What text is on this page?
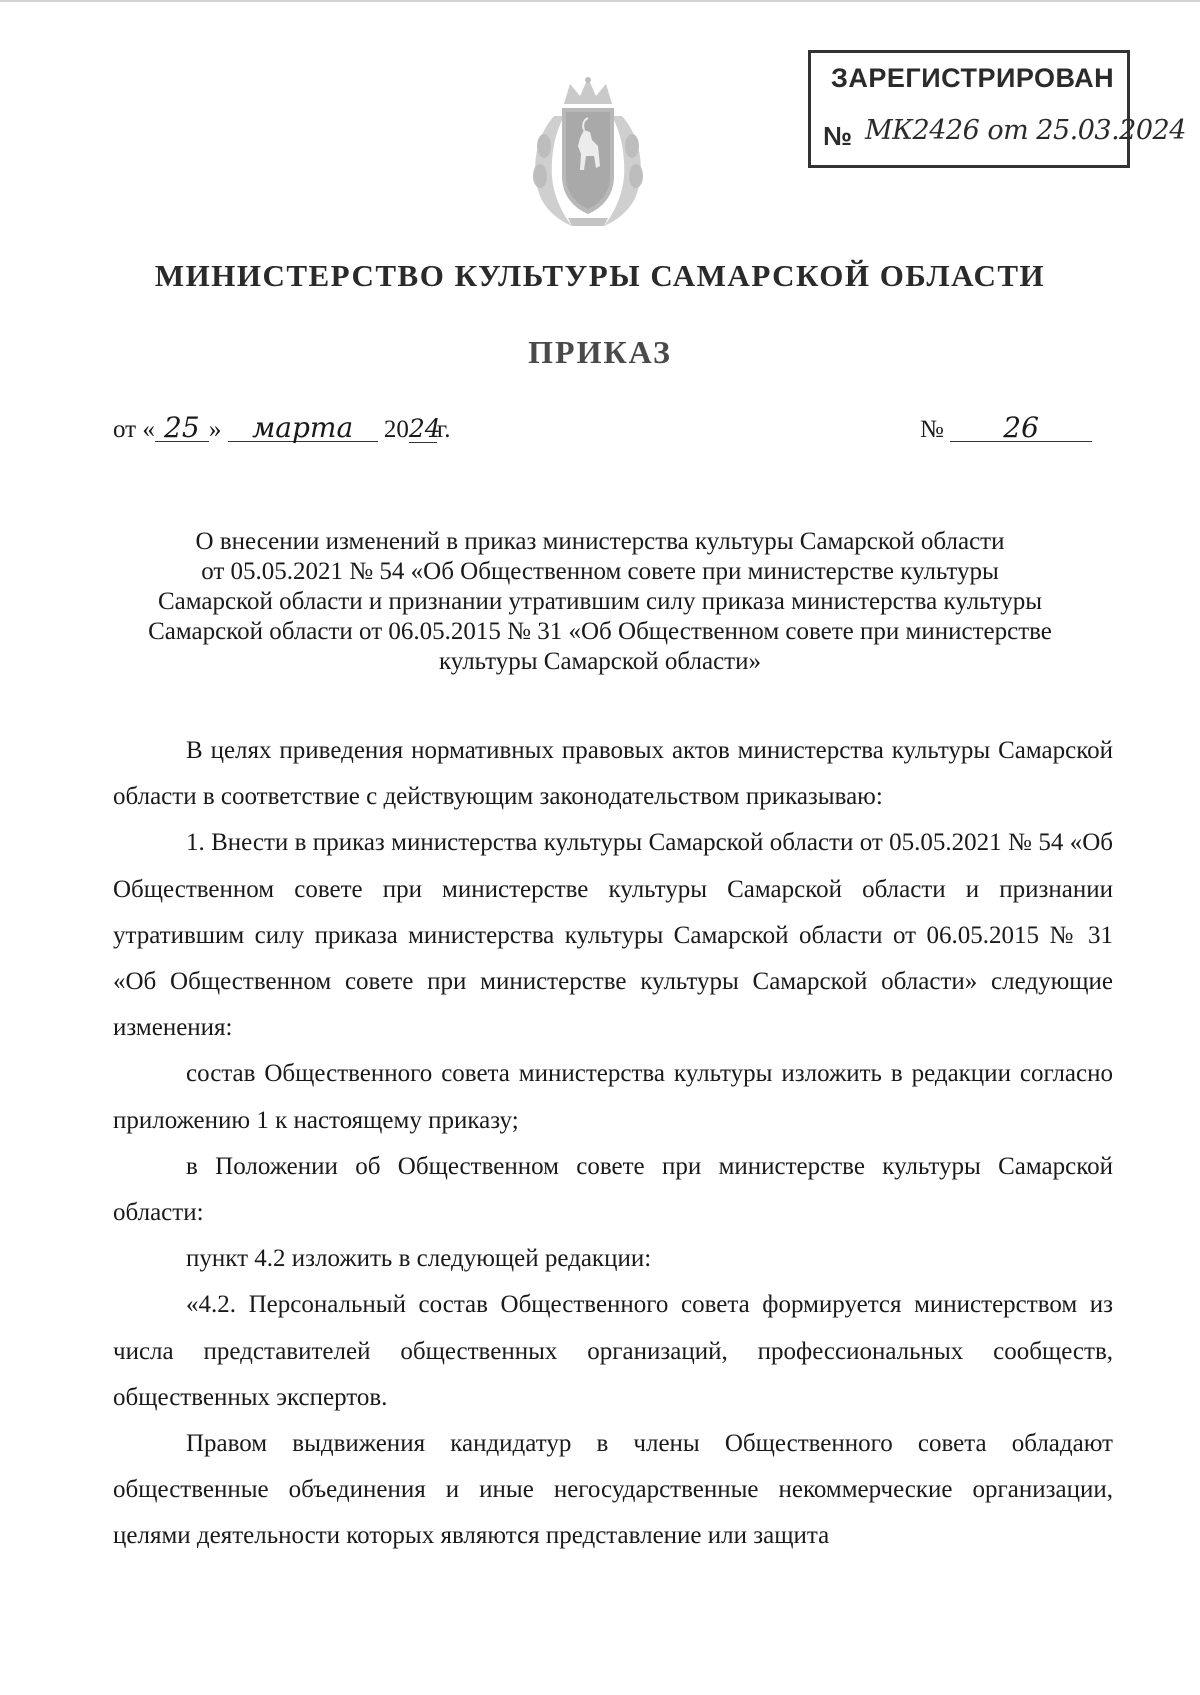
ЗАРЕГИСТРИРОВАН
№ МК2426 от 25.03.2024
МИНИСТЕРСТВО КУЛЬТУРЫ САМАРСКОЙ ОБЛАСТИ
ПРИКАЗ
от « 25 » марта 2024г.	№ 26
О внесении изменений в приказ министерства культуры Самарской области
от 05.05.2021 № 54 «Об Общественном совете при министерстве культуры
Самарской области и признании утратившим силу приказа министерства культуры
Самарской области от 06.05.2015 № 31 «Об Общественном совете при министерстве
культуры Самарской области»

В целях приведения нормативных правовых актов министерства культуры Самарской области в соответствие с действующим законодательством приказываю:

1. Внести в приказ министерства культуры Самарской области от 05.05.2021 № 54 «Об Общественном совете при министерстве культуры Самарской области и признании утратившим силу приказа министерства культуры Самарской области от 06.05.2015 № 31 «Об Общественном совете при министерстве культуры Самарской области» следующие изменения:

состав Общественного совета министерства культуры изложить в редакции согласно приложению 1 к настоящему приказу;

в Положении об Общественном совете при министерстве культуры Самарской области:

пункт 4.2 изложить в следующей редакции:

«4.2. Персональный состав Общественного совета формируется министерством из числа представителей общественных организаций, профессиональных сообществ, общественных экспертов.

Правом выдвижения кандидатур в члены Общественного совета обладают общественные объединения и иные негосударственные некоммерческие организации, целями деятельности которых являются представление или защита
